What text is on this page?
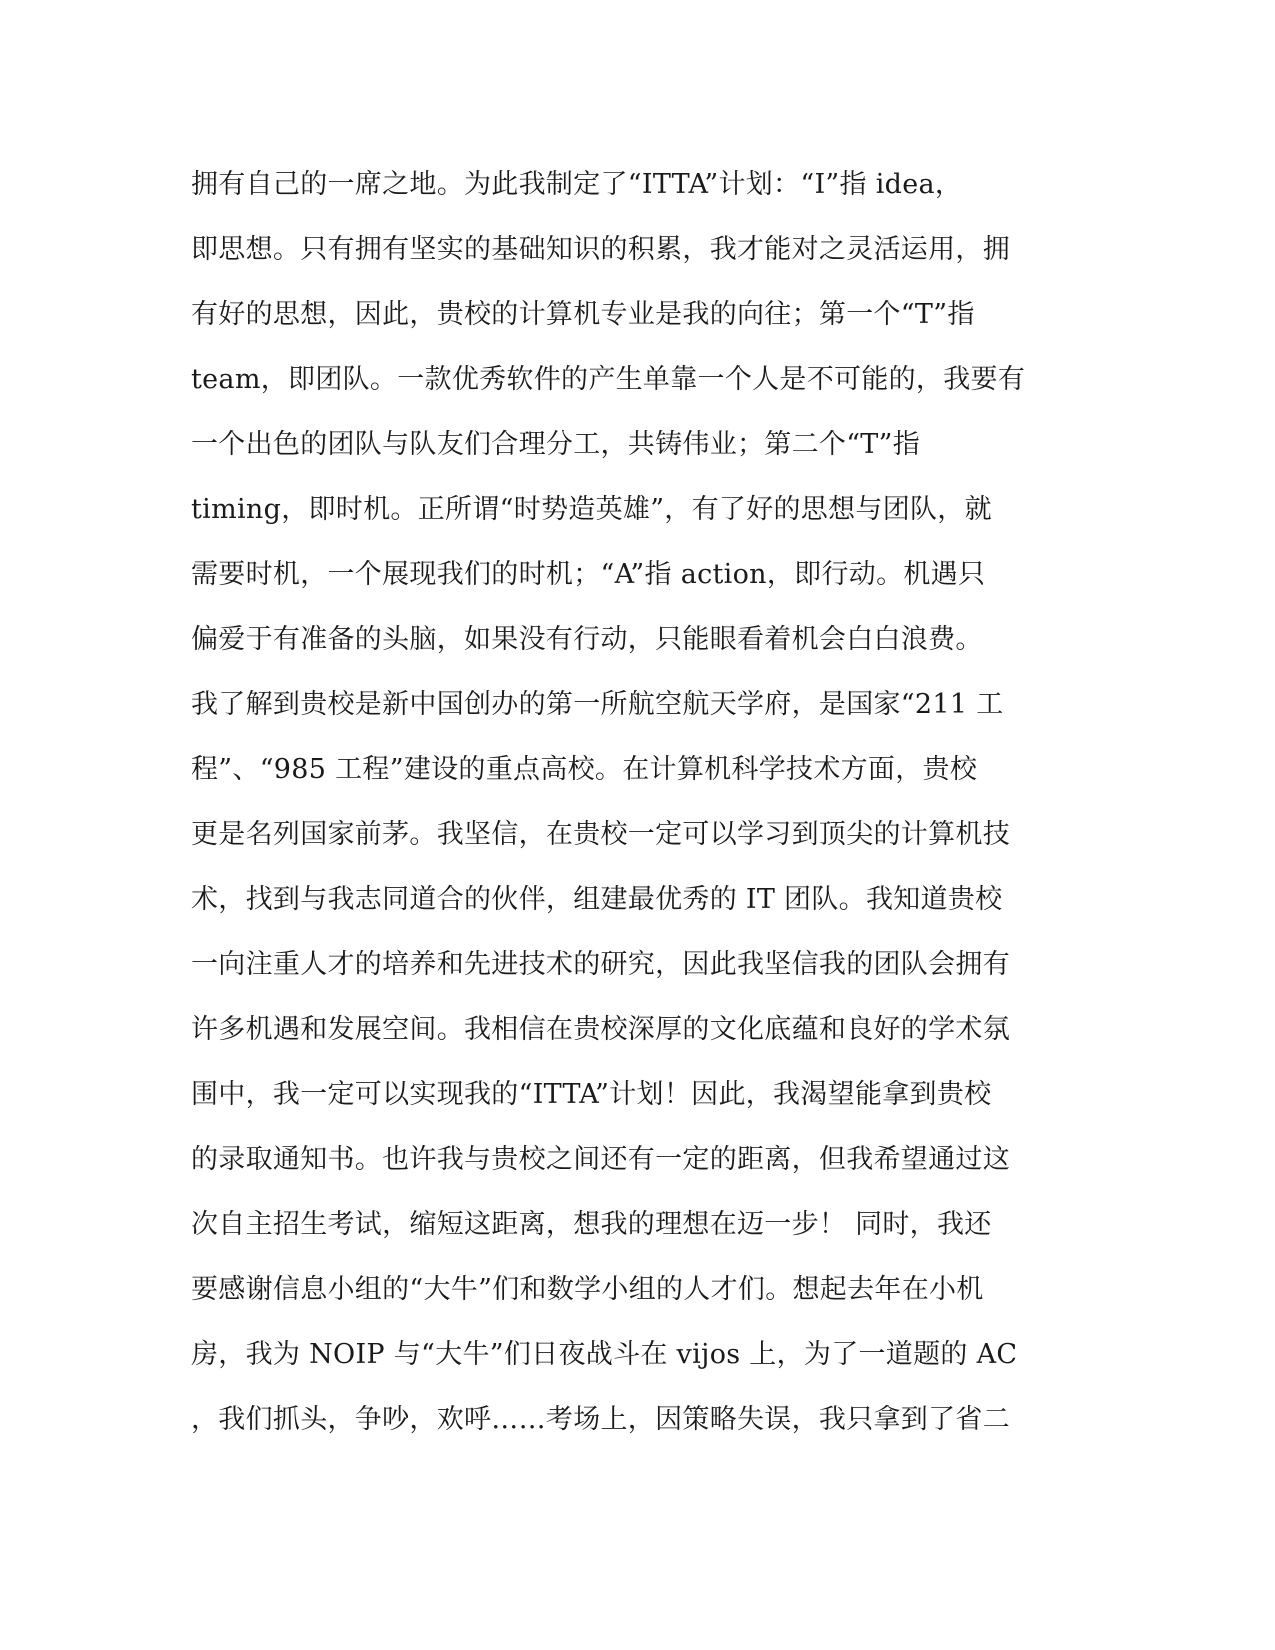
拥有自己的一席之地。为此我制定了“ITTA”计划：“I”指 idea，
即思想。只有拥有坚实的基础知识的积累，我才能对之灵活运用，拥
有好的思想，因此，贵校的计算机专业是我的向往；第一个“T”指
team，即团队。一款优秀软件的产生单靠一个人是不可能的，我要有
一个出色的团队与队友们合理分工，共铸伟业；第二个“T”指
timing，即时机。正所谓“时势造英雄”，有了好的思想与团队，就
需要时机，一个展现我们的时机；“A”指 action，即行动。机遇只
偏爱于有准备的头脑，如果没有行动，只能眼看着机会白白浪费。
我了解到贵校是新中国创办的第一所航空航天学府，是国家“211 工
程”、“985 工程”建设的重点高校。在计算机科学技术方面，贵校
更是名列国家前茅。我坚信，在贵校一定可以学习到顶尖的计算机技
术，找到与我志同道合的伙伴，组建最优秀的 IT 团队。我知道贵校
一向注重人才的培养和先进技术的研究，因此我坚信我的团队会拥有
许多机遇和发展空间。我相信在贵校深厚的文化底蕴和良好的学术氛
围中，我一定可以实现我的“ITTA”计划！因此，我渴望能拿到贵校
的录取通知书。也许我与贵校之间还有一定的距离，但我希望通过这
次自主招生考试，缩短这距离，想我的理想在迈一步！ 同时，我还
要感谢信息小组的“大牛”们和数学小组的人才们。想起去年在小机
房，我为 NOIP 与“大牛”们日夜战斗在 vijos 上，为了一道题的 AC
，我们抓头，争吵，欢呼……考场上，因策略失误，我只拿到了省二
